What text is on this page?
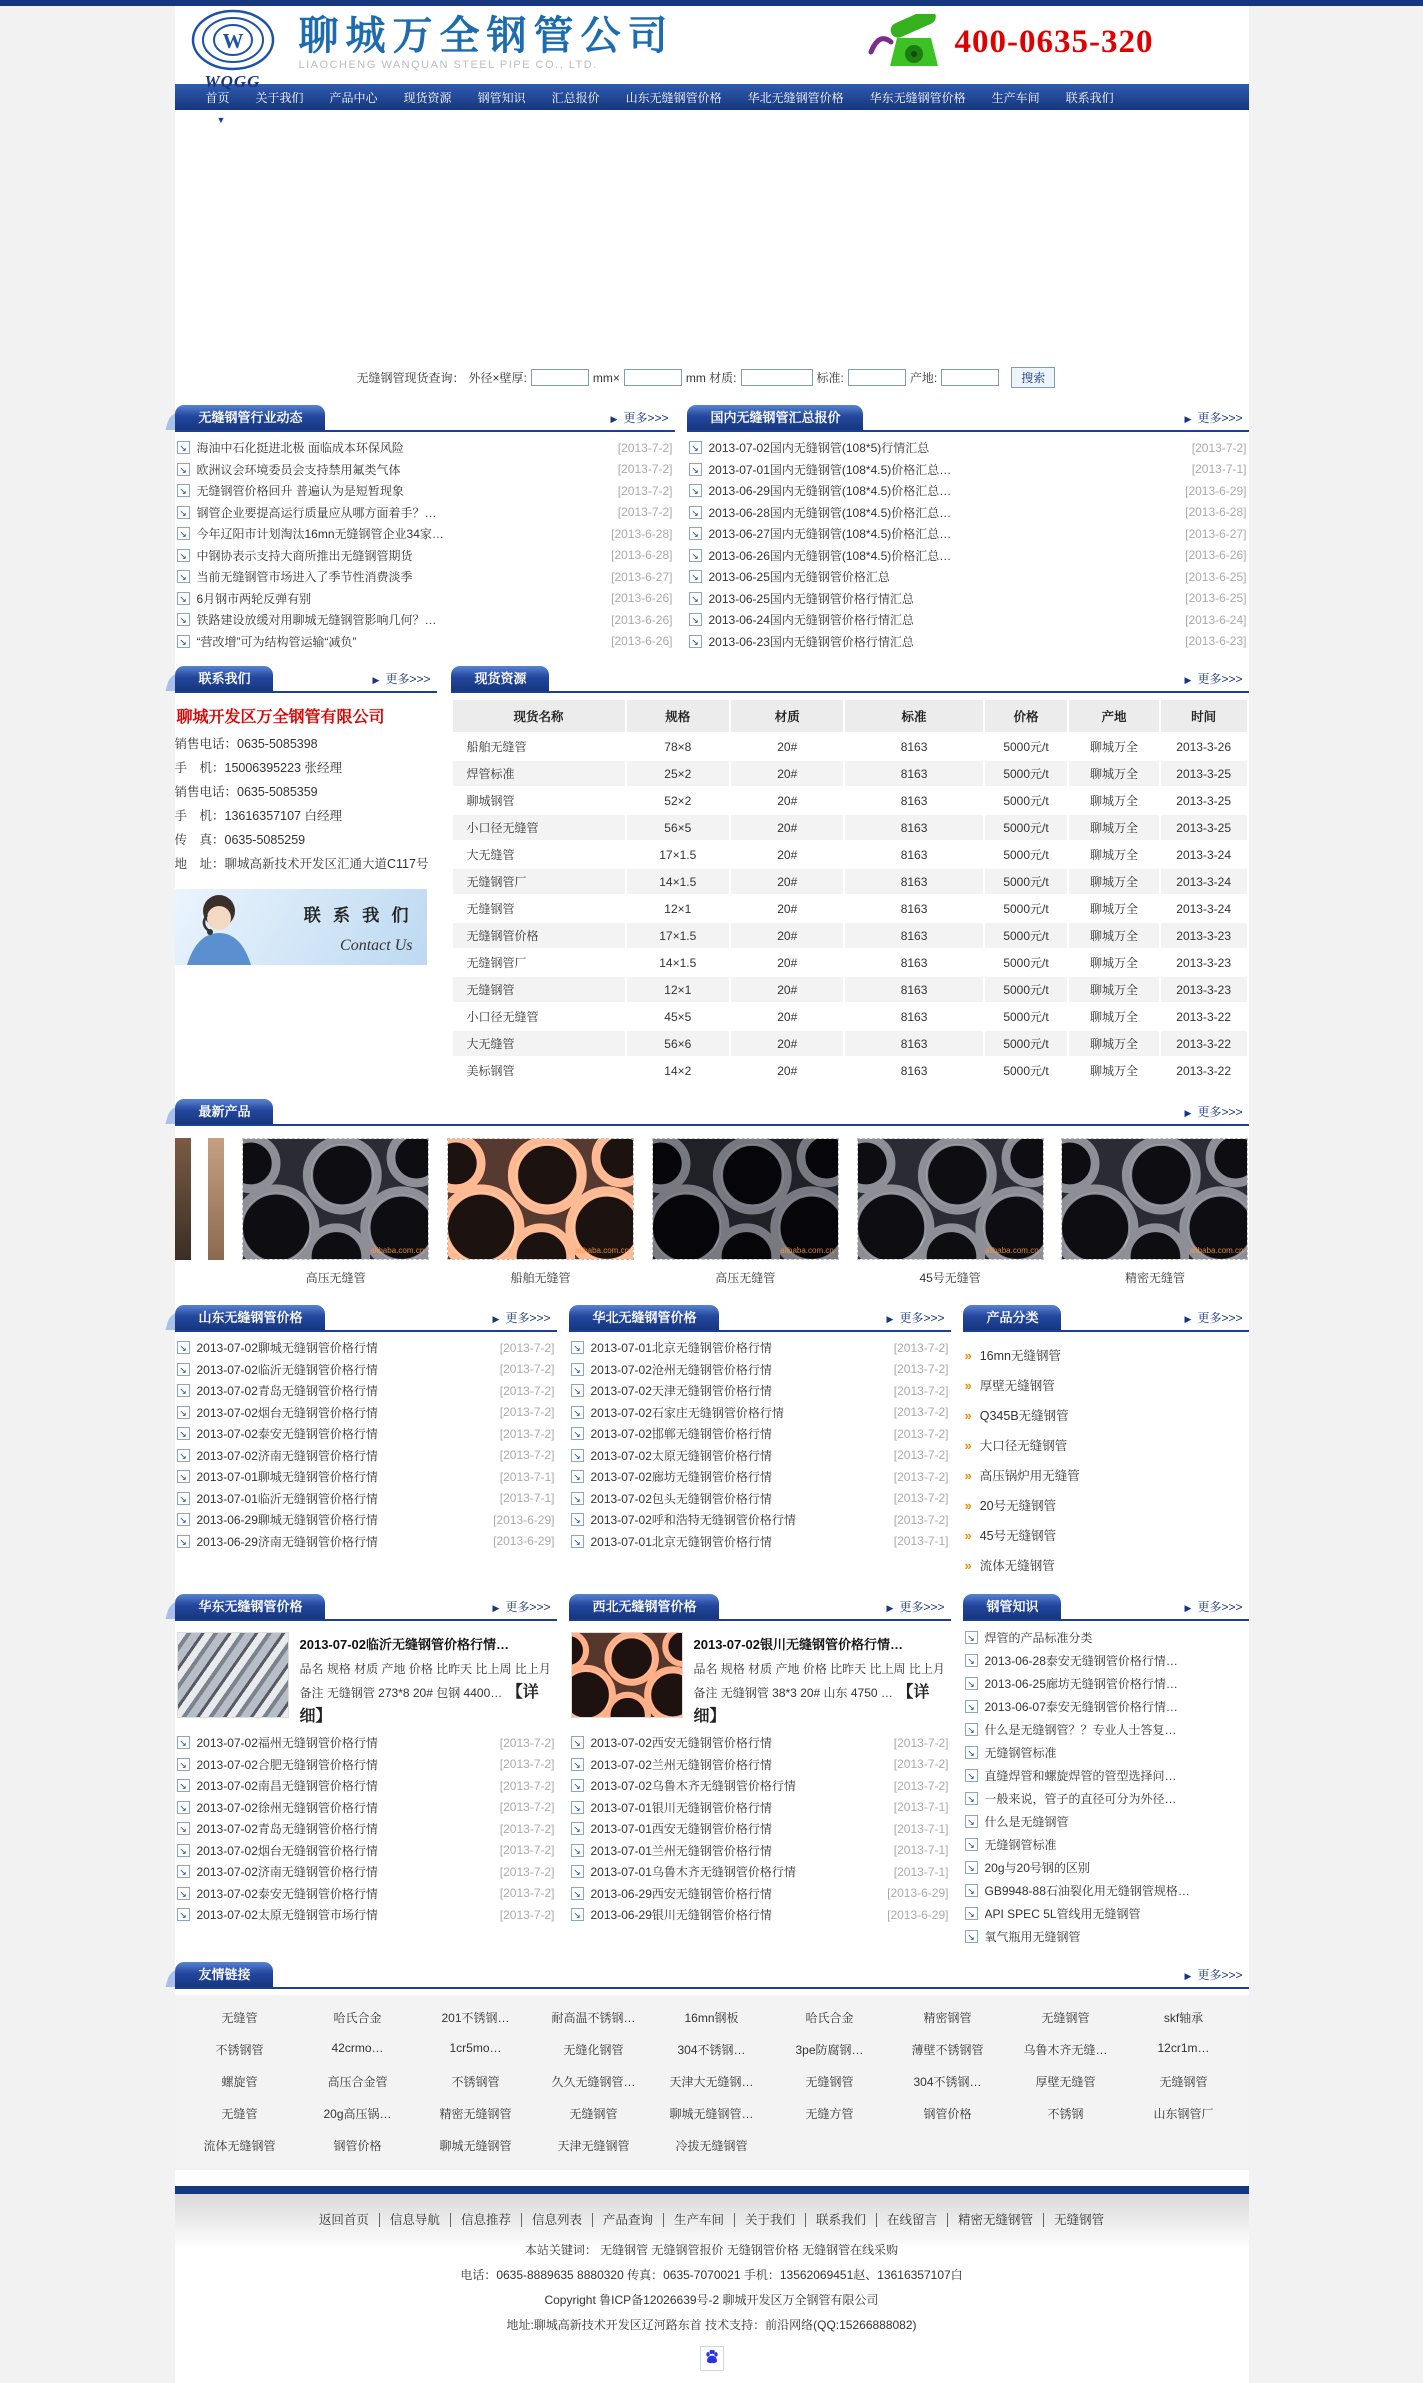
W
WQGG
聊城万全钢管公司
LIAOCHENG WANQUAN STEEL PIPE CO., LTD.
400-0635-320
首页	关于我们	产品中心	现货资源	钢管知识	汇总报价	山东无缝钢管价格	华北无缝钢管价格	华东无缝钢管价格	生产车间	联系我们
▼
无缝钢管现货查询： 外径×壁厚:	mm×	mm 材质:	标准:	产地:	搜索
无缝钢管行业动态	▶ 更多>>>
↘ 海油中石化挺进北极 面临成本环保风险	[2013-7-2]
↘ 欧洲议会环境委员会支持禁用氟类气体	[2013-7-2]
↘ 无缝钢管价格回升 普遍认为是短暂现象	[2013-7-2]
↘ 钢管企业要提高运行质量应从哪方面着手？…	[2013-7-2]
↘ 今年辽阳市计划淘汰16mn无缝钢管企业34家…	[2013-6-28]
↘ 中钢协表示支持大商所推出无缝钢管期货	[2013-6-28]
↘ 当前无缝钢管市场进入了季节性消费淡季	[2013-6-27]
↘ 6月钢市两轮反弹有别	[2013-6-26]
↘ 铁路建设放缓对用聊城无缝钢管影响几何？…	[2013-6-26]
↘ “营改增”可为结构管运输“减负”	[2013-6-26]
国内无缝钢管汇总报价	▶ 更多>>>
↘ 2013-07-02国内无缝钢管(108*5)行情汇总	[2013-7-2]
↘ 2013-07-01国内无缝钢管(108*4.5)价格汇总…	[2013-7-1]
↘ 2013-06-29国内无缝钢管(108*4.5)价格汇总…	[2013-6-29]
↘ 2013-06-28国内无缝钢管(108*4.5)价格汇总…	[2013-6-28]
↘ 2013-06-27国内无缝钢管(108*4.5)价格汇总…	[2013-6-27]
↘ 2013-06-26国内无缝钢管(108*4.5)价格汇总…	[2013-6-26]
↘ 2013-06-25国内无缝钢管价格汇总	[2013-6-25]
↘ 2013-06-25国内无缝钢管价格行情汇总	[2013-6-25]
↘ 2013-06-24国内无缝钢管价格行情汇总	[2013-6-24]
↘ 2013-06-23国内无缝钢管价格行情汇总	[2013-6-23]
联系我们	▶ 更多>>>
聊城开发区万全钢管有限公司
销售电话：0635-5085398
手　机：15006395223 张经理
销售电话：0635-5085359
手　机：13616357107 白经理
传　真：0635-5085259
地　址：聊城高新技术开发区汇通大道C117号
联 系 我 们
Contact Us
现货资源	▶ 更多>>>
现货名称	规格	材质	标准	价格	产地	时间
船舶无缝管	78×8	20#	8163	5000元/t	聊城万全	2013-3-26
焊管标准	25×2	20#	8163	5000元/t	聊城万全	2013-3-25
聊城钢管	52×2	20#	8163	5000元/t	聊城万全	2013-3-25
小口径无缝管	56×5	20#	8163	5000元/t	聊城万全	2013-3-25
大无缝管	17×1.5	20#	8163	5000元/t	聊城万全	2013-3-24
无缝钢管厂	14×1.5	20#	8163	5000元/t	聊城万全	2013-3-24
无缝钢管	12×1	20#	8163	5000元/t	聊城万全	2013-3-24
无缝钢管价格	17×1.5	20#	8163	5000元/t	聊城万全	2013-3-23
无缝钢管厂	14×1.5	20#	8163	5000元/t	聊城万全	2013-3-23
无缝钢管	12×1	20#	8163	5000元/t	聊城万全	2013-3-23
小口径无缝管	45×5	20#	8163	5000元/t	聊城万全	2013-3-22
大无缝管	56×6	20#	8163	5000元/t	聊城万全	2013-3-22
美标钢管	14×2	20#	8163	5000元/t	聊城万全	2013-3-22
最新产品	▶ 更多>>>
alibaba.com.cn
高压无缝管
alibaba.com.cn
船舶无缝管
alibaba.com.cn
高压无缝管
alibaba.com.cn
45号无缝管
alibaba.com.cn
精密无缝管
山东无缝钢管价格	▶ 更多>>>
↘ 2013-07-02聊城无缝钢管价格行情	[2013-7-2]
↘ 2013-07-02临沂无缝钢管价格行情	[2013-7-2]
↘ 2013-07-02青岛无缝钢管价格行情	[2013-7-2]
↘ 2013-07-02烟台无缝钢管价格行情	[2013-7-2]
↘ 2013-07-02泰安无缝钢管价格行情	[2013-7-2]
↘ 2013-07-02济南无缝钢管价格行情	[2013-7-2]
↘ 2013-07-01聊城无缝钢管价格行情	[2013-7-1]
↘ 2013-07-01临沂无缝钢管价格行情	[2013-7-1]
↘ 2013-06-29聊城无缝钢管价格行情	[2013-6-29]
↘ 2013-06-29济南无缝钢管价格行情	[2013-6-29]
华北无缝钢管价格	▶ 更多>>>
↘ 2013-07-01北京无缝钢管价格行情	[2013-7-2]
↘ 2013-07-02沧州无缝钢管价格行情	[2013-7-2]
↘ 2013-07-02天津无缝钢管价格行情	[2013-7-2]
↘ 2013-07-02石家庄无缝钢管价格行情	[2013-7-2]
↘ 2013-07-02邯郸无缝钢管价格行情	[2013-7-2]
↘ 2013-07-02太原无缝钢管价格行情	[2013-7-2]
↘ 2013-07-02廊坊无缝钢管价格行情	[2013-7-2]
↘ 2013-07-02包头无缝钢管价格行情	[2013-7-2]
↘ 2013-07-02呼和浩特无缝钢管价格行情	[2013-7-2]
↘ 2013-07-01北京无缝钢管价格行情	[2013-7-1]
产品分类	▶ 更多>>>
» 16mn无缝钢管
» 厚壁无缝钢管
» Q345B无缝钢管
» 大口径无缝钢管
» 高压锅炉用无缝管
» 20号无缝钢管
» 45号无缝钢管
» 流体无缝钢管
华东无缝钢管价格	▶ 更多>>>
2013-07-02临沂无缝钢管价格行情…
品名 规格 材质 产地 价格 比昨天 比上周 比上月 备注 无缝钢管 273*8 20# 包钢 4400… 【详细】
↘ 2013-07-02福州无缝钢管价格行情	[2013-7-2]
↘ 2013-07-02合肥无缝钢管价格行情	[2013-7-2]
↘ 2013-07-02南昌无缝钢管价格行情	[2013-7-2]
↘ 2013-07-02徐州无缝钢管价格行情	[2013-7-2]
↘ 2013-07-02青岛无缝钢管价格行情	[2013-7-2]
↘ 2013-07-02烟台无缝钢管价格行情	[2013-7-2]
↘ 2013-07-02济南无缝钢管价格行情	[2013-7-2]
↘ 2013-07-02泰安无缝钢管价格行情	[2013-7-2]
↘ 2013-07-02太原无缝钢管市场行情	[2013-7-2]
西北无缝钢管价格	▶ 更多>>>
2013-07-02银川无缝钢管价格行情…
品名 规格 材质 产地 价格 比昨天 比上周 比上月 备注 无缝钢管 38*3 20# 山东 4750 … 【详细】
↘ 2013-07-02西安无缝钢管价格行情	[2013-7-2]
↘ 2013-07-02兰州无缝钢管价格行情	[2013-7-2]
↘ 2013-07-02乌鲁木齐无缝钢管价格行情	[2013-7-2]
↘ 2013-07-01银川无缝钢管价格行情	[2013-7-1]
↘ 2013-07-01西安无缝钢管价格行情	[2013-7-1]
↘ 2013-07-01兰州无缝钢管价格行情	[2013-7-1]
↘ 2013-07-01乌鲁木齐无缝钢管价格行情	[2013-7-1]
↘ 2013-06-29西安无缝钢管价格行情	[2013-6-29]
↘ 2013-06-29银川无缝钢管价格行情	[2013-6-29]
钢管知识	▶ 更多>>>
↘ 焊管的产品标准分类
↘ 2013-06-28泰安无缝钢管价格行情…
↘ 2013-06-25廊坊无缝钢管价格行情…
↘ 2013-06-07泰安无缝钢管价格行情…
↘ 什么是无缝钢管？？专业人士答复…
↘ 无缝钢管标准
↘ 直缝焊管和螺旋焊管的管型选择问…
↘ 一般来说，管子的直径可分为外径…
↘ 什么是无缝钢管
↘ 无缝钢管标准
↘ 20g与20号钢的区别
↘ GB9948-88石油裂化用无缝钢管规格…
↘ API SPEC 5L管线用无缝钢管
↘ 氧气瓶用无缝钢管
友情链接	▶ 更多>>>
无缝管	哈氏合金	201不锈钢…	耐高温不锈钢…	16mn钢板	哈氏合金	精密钢管	无缝钢管	skf轴承
不锈钢管	42crmo…	1cr5mo…	无缝化钢管	304不锈钢…	3pe防腐钢…	薄壁不锈钢管	乌鲁木齐无缝…	12cr1m…
螺旋管	高压合金管	不锈钢管	久久无缝钢管…	天津大无缝钢…	无缝钢管	304不锈钢…	厚壁无缝管	无缝钢管
无缝管	20g高压锅…	精密无缝钢管	无缝钢管	聊城无缝钢管…	无缝方管	钢管价格	不锈钢	山东钢管厂
流体无缝钢管	钢管价格	聊城无缝钢管	天津无缝钢管	冷拔无缝钢管
返回首页 信息导航 信息推荐 信息列表 产品查询 生产车间 关于我们 联系我们 在线留言 精密无缝钢管 无缝钢管
本站关键词： 无缝钢管 无缝钢管报价 无缝钢管价格 无缝钢管在线采购
电话：0635-8889635 8880320 传真：0635-7070021 手机：13562069451赵、13616357107白
Copyright 鲁ICP备12026639号-2 聊城开发区万全钢管有限公司
地址:聊城高新技术开发区辽河路东首 技术支持：前沿网络(QQ:15266888082)
